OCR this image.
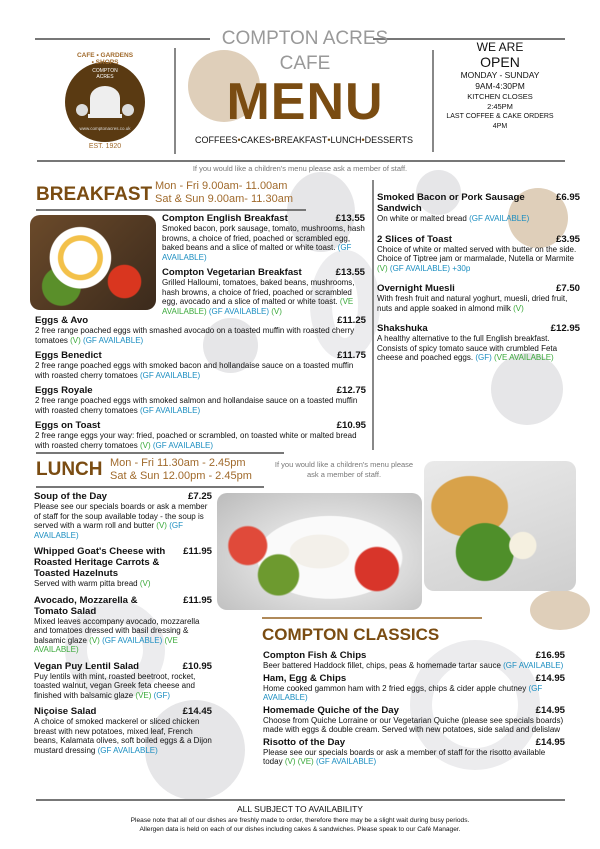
CAFE • GARDENS • SHOPS
COMPTON ACRES
www.comptonacres.co.uk
EST. 1920
COMPTON ACRES
CAFE
MENU
COFFEES•CAKES•BREAKFAST•LUNCH•DESSERTS
WE ARE
OPEN
MONDAY - SUNDAY
9AM-4:30PM
KITCHEN CLOSES
2:45PM
LAST COFFEE & CAKE ORDERS
4PM
If you would like a children's menu please ask a member of staff.
BREAKFAST Mon - Fri 9.00am- 11.00am
Sat & Sun 9.00am- 11.30am
Compton English Breakfast	£13.55
Smoked bacon, pork sausage, tomato, mushrooms, hash browns, a choice of fried, poached or scrambled egg, baked beans and a slice of malted or white toast. (GF AVAILABLE)
Compton Vegetarian Breakfast	£13.55
Grilled Halloumi, tomatoes, baked beans, mushrooms, hash browns, a choice of fried, poached or scrambled egg, avocado and a slice of malted or white toast. (VE AVAILABLE) (GF AVAILABLE) (V)
Eggs & Avo	£11.25
2 free range poached eggs with smashed avocado on a toasted muffin with roasted cherry tomatoes (V) (GF AVAILABLE)
Eggs Benedict	£11.75
2 free range poached eggs with smoked bacon and hollandaise sauce on a toasted muffin with roasted cherry tomatoes (GF AVAILABLE)
Eggs Royale	£12.75
2 free range poached eggs with smoked salmon and hollandaise sauce on a toasted muffin with roasted cherry tomatoes (GF AVAILABLE)
Eggs on Toast	£10.95
2 free range eggs your way: fried, poached or scrambled, on toasted white or malted bread with roasted cherry tomatoes (V) (GF AVAILABLE)
Smoked Bacon or Pork Sausage Sandwich
£6.95
On white or malted bread (GF AVAILABLE)
2 Slices of Toast	£3.95
Choice of white or malted served with butter on the side. Choice of Tiptree jam or marmalade, Nutella or Marmite (V) (GF AVAILABLE) +30p
Overnight Muesli	£7.50
With fresh fruit and natural yoghurt, muesli, dried fruit, nuts and apple soaked in almond milk (V)
Shakshuka	£12.95
A healthy alternative to the full English breakfast. Consists of spicy tomato sauce with crumbled Feta cheese and poached eggs. (GF) (VE AVAILABLE)
LUNCH Mon - Fri 11.30am - 2.45pm
Sat & Sun 12.00pm - 2.45pm
If you would like a children's menu please ask a member of staff.
Soup of the Day	£7.25
Please see our specials boards or ask a member of staff for the soup available today - the soup is served with a warm roll and butter (V) (GF AVAILABLE)
Whipped Goat's Cheese with Roasted Heritage Carrots & Toasted Hazelnuts
£11.95
Served with warm pitta bread (V)
Avocado, Mozzarella & Tomato Salad
£11.95
Mixed leaves accompany avocado, mozzarella and tomatoes dressed with basil dressing & balsamic glaze (V) (GF AVAILABLE) (VE AVAILABLE)
Vegan Puy Lentil Salad	£10.95
Puy lentils with mint, roasted beetroot, rocket, toasted walnut, vegan Greek feta cheese and finished with balsamic glaze (VE) (GF)
Niçoise Salad	£14.45
A choice of smoked mackerel or sliced chicken breast with new potatoes, mixed leaf, French beans, Kalamata olives, soft boiled eggs & a Dijon mustard dressing (GF AVAILABLE)
COMPTON CLASSICS
Compton Fish & Chips	£16.95
Beer battered Haddock fillet, chips, peas & homemade tartar sauce (GF AVAILABLE)
Ham, Egg & Chips	£14.95
Home cooked gammon ham with 2 fried eggs, chips & cider apple chutney (GF AVAILABLE)
Homemade Quiche of the Day	£14.95
Choose from Quiche Lorraine or our Vegetarian Quiche (please see specials boards) made with eggs & double cream. Served with new potatoes, side salad and delislaw
Risotto of the Day	£14.95
Please see our specials boards or ask a member of staff for the risotto available today (V) (VE) (GF AVAILABLE)
ALL SUBJECT TO AVAILABILITY
Please note that all of our dishes are freshly made to order, therefore there may be a slight wait during busy periods.
Allergen data is held on each of our dishes including cakes & sandwiches. Please speak to our Café Manager.
